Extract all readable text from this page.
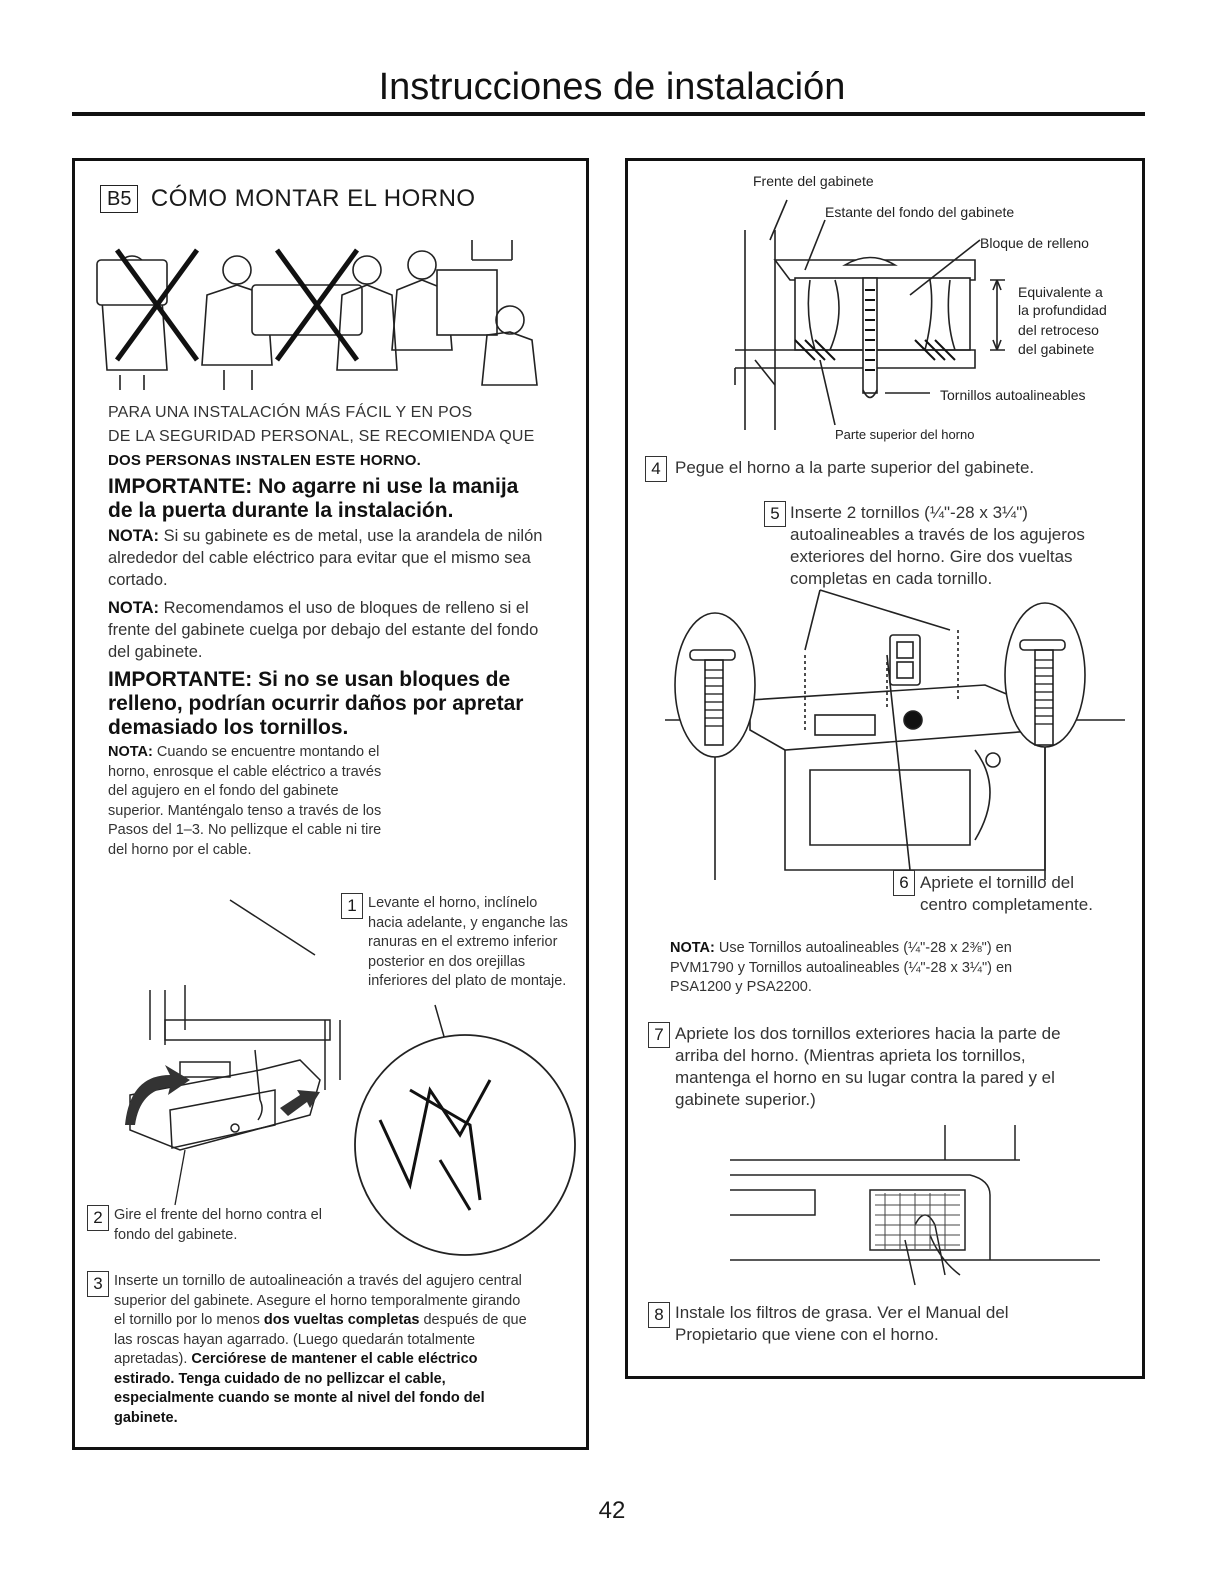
Instrucciones de instalación
B5 CÓMO MONTAR EL HORNO
PARA UNA INSTALACIÓN MÁS FÁCIL Y EN POS
DE LA SEGURIDAD PERSONAL, SE RECOMIENDA QUE
DOS PERSONAS INSTALEN ESTE HORNO.
IMPORTANTE: No agarre ni use la manija de la puerta durante la instalación.
NOTA: Si su gabinete es de metal, use la arandela de nilón alrededor del cable eléctrico para evitar que el mismo sea cortado.
NOTA: Recomendamos el uso de bloques de relleno si el frente del gabinete cuelga por debajo del estante del fondo del gabinete.
IMPORTANTE: Si no se usan bloques de relleno, podrían ocurrir daños por apretar demasiado los tornillos.
NOTA: Cuando se encuentre montando el horno, enrosque el cable eléctrico a través del agujero en el fondo del gabinete superior. Manténgalo tenso a través de los Pasos del 1–3. No pellizque el cable ni tire del horno por el cable.
1 Levante el horno, inclínelo hacia adelante, y enganche las ranuras en el extremo inferior posterior en dos orejillas inferiores del plato de montaje.
2 Gire el frente del horno contra el fondo del gabinete.
3 Inserte un tornillo de autoalineación a través del agujero central superior del gabinete. Asegure el horno temporalmente girando el tornillo por lo menos dos vueltas completas después de que las roscas hayan agarrado. (Luego quedarán totalmente apretadas). Cerciórese de mantener el cable eléctrico estirado. Tenga cuidado de no pellizcar el cable, especialmente cuando se monte al nivel del fondo del gabinete.
Frente del gabinete
Estante del fondo del gabinete
Bloque de relleno
Equivalente a
la profundidad
del retroceso
del gabinete
Tornillos autoalineables
Parte superior del horno
4 Pegue el horno a la parte superior del gabinete.
5 Inserte 2 tornillos (¼"-28 x 3¼") autoalineables a través de los agujeros exteriores del horno. Gire dos vueltas completas en cada tornillo.
6 Apriete el tornillo del centro completamente.
NOTA: Use Tornillos autoalineables (¼"-28 x 2⅜") en PVM1790 y Tornillos autoalineables (¼"-28 x 3¼") en PSA1200 y PSA2200.
7 Apriete los dos tornillos exteriores hacia la parte de arriba del horno. (Mientras aprieta los tornillos, mantenga el horno en su lugar contra la pared y el gabinete superior.)
8 Instale los filtros de grasa. Ver el Manual del Propietario que viene con el horno.
42
